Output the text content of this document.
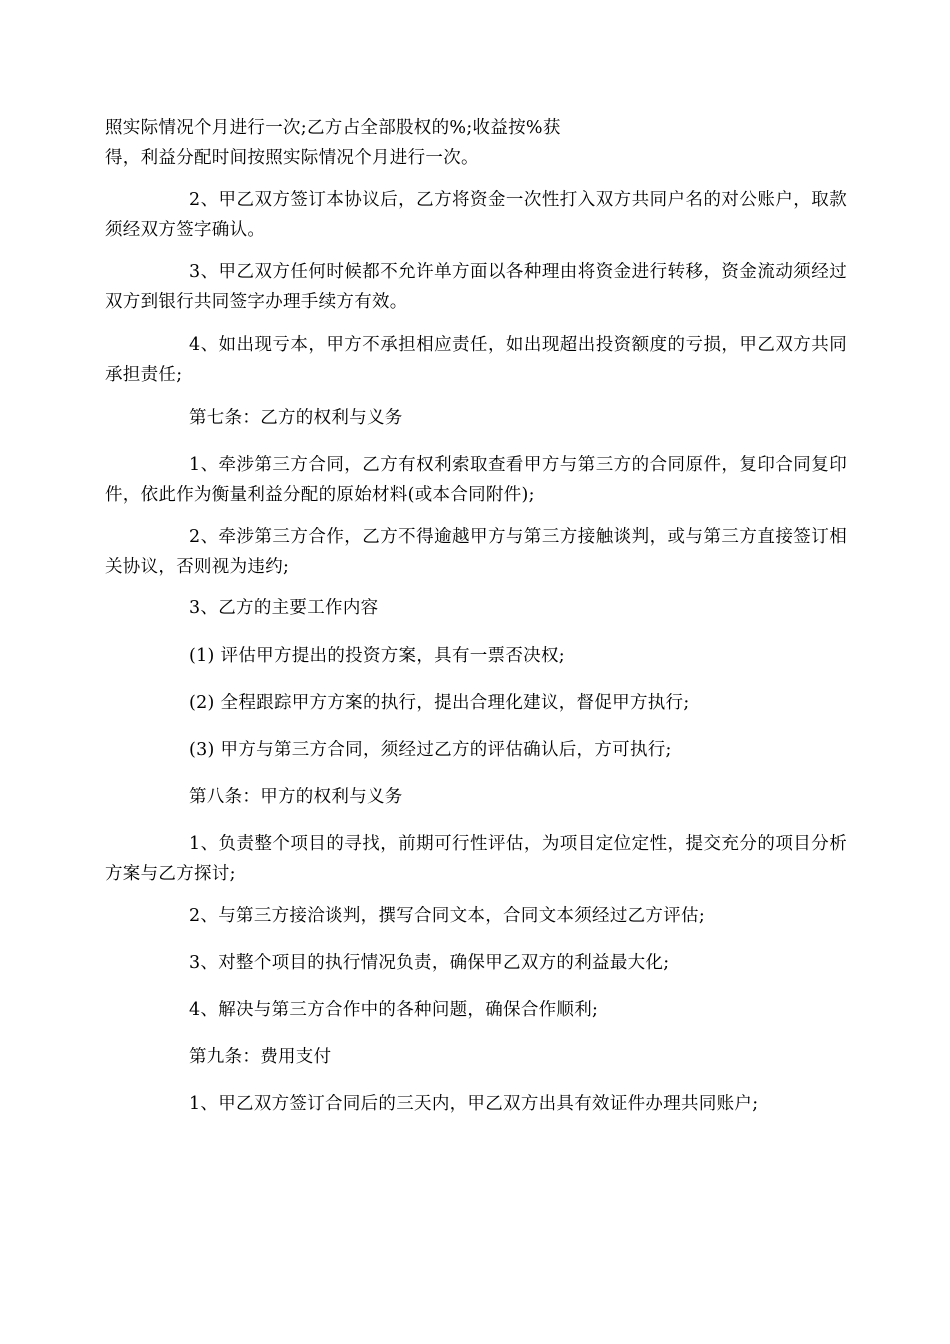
照实际情况个月进行一次;乙方占全部股权的%;收益按%获
得，利益分配时间按照实际情况个月进行一次。

2、甲乙双方签订本协议后，乙方将资金一次性打入双方共同户名的对公账户，取款须经双方签字确认。

3、甲乙双方任何时候都不允许单方面以各种理由将资金进行转移，资金流动须经过双方到银行共同签字办理手续方有效。

4、如出现亏本，甲方不承担相应责任，如出现超出投资额度的亏损，甲乙双方共同承担责任;

第七条：乙方的权利与义务

1、牵涉第三方合同，乙方有权利索取查看甲方与第三方的合同原件，复印合同复印件，依此作为衡量利益分配的原始材料(或本合同附件);

2、牵涉第三方合作，乙方不得逾越甲方与第三方接触谈判，或与第三方直接签订相关协议，否则视为违约;

3、乙方的主要工作内容

(1) 评估甲方提出的投资方案，具有一票否决权;

(2) 全程跟踪甲方方案的执行，提出合理化建议，督促甲方执行;

(3) 甲方与第三方合同，须经过乙方的评估确认后，方可执行;

第八条：甲方的权利与义务

1、负责整个项目的寻找，前期可行性评估，为项目定位定性，提交充分的项目分析方案与乙方探讨;

2、与第三方接洽谈判，撰写合同文本，合同文本须经过乙方评估;

3、对整个项目的执行情况负责，确保甲乙双方的利益最大化;

4、解决与第三方合作中的各种问题，确保合作顺利;

第九条：费用支付

1、甲乙双方签订合同后的三天内，甲乙双方出具有效证件办理共同账户;
